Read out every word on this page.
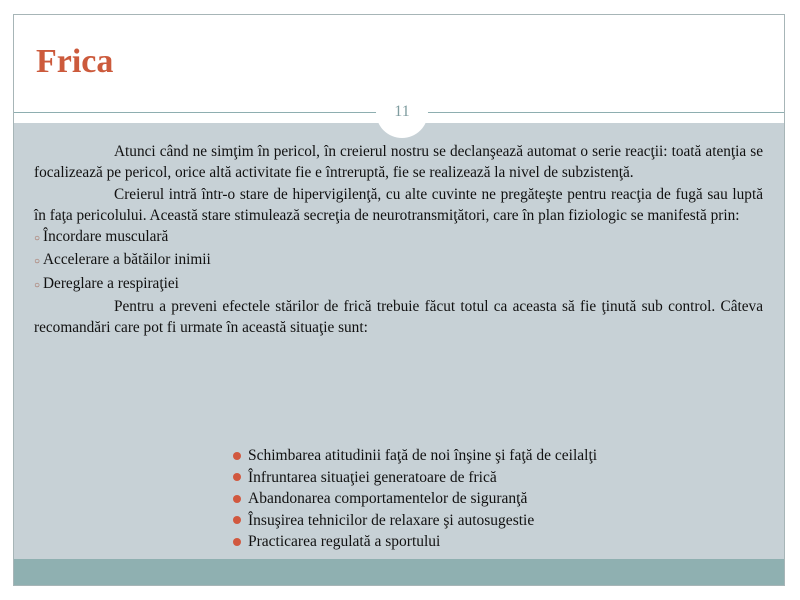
Frica

Atunci când ne simţim în pericol, în creierul nostru se declanşează automat o serie reacţii: toată atenţia se focalizează pe pericol, orice altă activitate fie e întreruptă, fie se realizează la nivel de subzistenţă.

Creierul intră într-o stare de hipervigilenţă, cu alte cuvinte ne pregăteşte pentru reacţia de fugă sau luptă în faţa pericolului. Această stare stimulează secreţia de neurotransmiţători, care în plan fiziologic se manifestă prin:

○ Încordare musculară
○ Accelerare a bătăilor inimii
○ Dereglare a respiraţiei

Pentru a preveni efectele stărilor de frică trebuie făcut totul ca aceasta să fie ţinută sub control. Câteva recomandări care pot fi urmate în această situaţie sunt:

Schimbarea atitudinii faţă de noi înşine şi faţă de ceilalţi
Înfruntarea situaţiei generatoare de frică
Abandonarea comportamentelor de siguranţă
Însuşirea tehnicilor de relaxare şi autosugestie
Practicarea regulată a sportului
11
